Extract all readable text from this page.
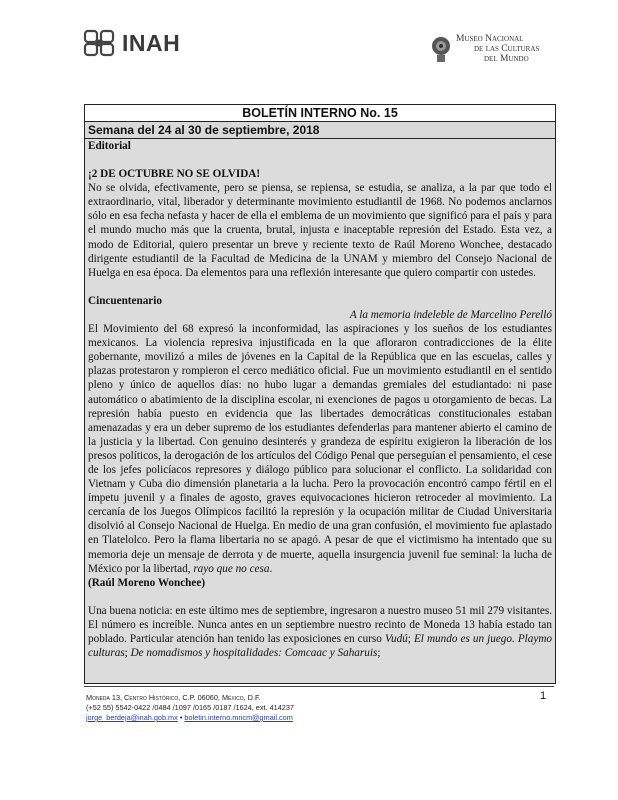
INAH	Museo Nacional
de las Culturas
del Mundo
BOLETÍN INTERNO No. 15
Semana del 24 al 30 de septiembre, 2018

Editorial

¡2 DE OCTUBRE NO SE OLVIDA!

No se olvida, efectivamente, pero se piensa, se repiensa, se estudia, se analiza, a la par que todo el extraordinario, vital, liberador y determinante movimiento estudiantil de 1968. No podemos anclarnos sólo en esa fecha nefasta y hacer de ella el emblema de un movimiento que significó para el país y para el mundo mucho más que la cruenta, brutal, injusta e inaceptable represión del Estado. Esta vez, a modo de Editorial, quiero presentar un breve y reciente texto de Raúl Moreno Wonchee, destacado dirigente estudiantil de la Facultad de Medicina de la UNAM y miembro del Consejo Nacional de Huelga en esa época. Da elementos para una reflexión interesante que quiero compartir con ustedes.

Cincuentenario

A la memoria indeleble de Marcelino Perelló

El Movimiento del 68 expresó la inconformidad, las aspiraciones y los sueños de los estudiantes mexicanos. La violencia represiva injustificada en la que afloraron contradicciones de la élite gobernante, movilizó a miles de jóvenes en la Capital de la República que en las escuelas, calles y plazas protestaron y rompieron el cerco mediático oficial. Fue un movimiento estudiantil en el sentido pleno y único de aquellos días: no hubo lugar a demandas gremiales del estudiantado: ni pase automático o abatimiento de la disciplina escolar, ni exenciones de pagos u otorgamiento de becas. La represión había puesto en evidencia que las libertades democráticas constitucionales estaban amenazadas y era un deber supremo de los estudiantes defenderlas para mantener abierto el camino de la justicia y la libertad. Con genuino desinterés y grandeza de espíritu exigieron la liberación de los presos políticos, la derogación de los artículos del Código Penal que perseguían el pensamiento, el cese de los jefes policíacos represores y diálogo público para solucionar el conflicto. La solidaridad con Vietnam y Cuba dio dimensión planetaria a la lucha. Pero la provocación encontró campo fértil en el ímpetu juvenil y a finales de agosto, graves equivocaciones hicieron retroceder al movimiento. La cercanía de los Juegos Olímpicos facilitó la represión y la ocupación militar de Ciudad Universitaria disolvió al Consejo Nacional de Huelga. En medio de una gran confusión, el movimiento fue aplastado en Tlatelolco. Pero la flama libertaria no se apagó. A pesar de que el victimismo ha intentado que su memoria deje un mensaje de derrota y de muerte, aquella insurgencia juvenil fue seminal: la lucha de México por la libertad, rayo que no cesa.

(Raúl Moreno Wonchee)

Una buena noticia: en este último mes de septiembre, ingresaron a nuestro museo 51 mil 279 visitantes. El número es increíble. Nunca antes en un septiembre nuestro recinto de Moneda 13 había estado tan poblado. Particular atención han tenido las exposiciones en curso Vudú; El mundo es un juego. Playmo culturas; De nomadismos y hospitalidades: Comcaac y Saharuis;

1
Moneda 13, Centro Histórico, C.P. 06060, México, D.F.
(+52 55) 5542-0422 /0484 /1097 /0165 /0187 /1624, ext. 414237
jorge_berdeja@inah.gob.mx • boletin.interno.mncm@gmail.com
